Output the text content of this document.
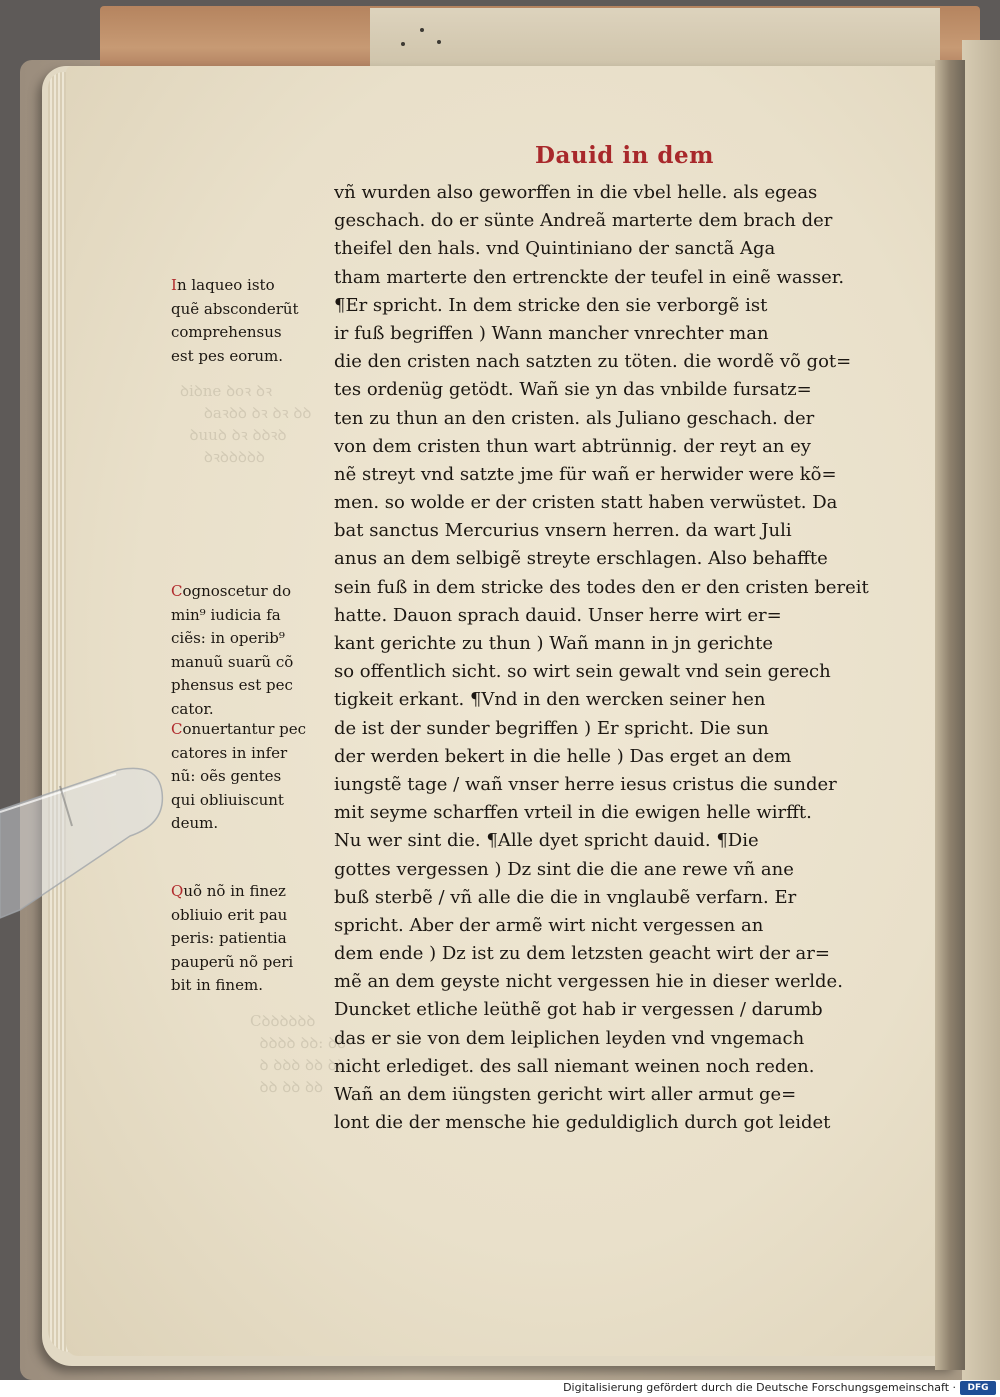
ꝺiꝺne ꝺoꝛ ꝺꝛ
ꝺaꝛꝺꝺ ꝺꝛ ꝺꝛ ꝺꝺ
ꝺuuꝺ ꝺꝛ ꝺꝺꝛꝺ
ꝺꝛꝺꝺꝺꝺꝺ
Cꝺꝺꝺꝺꝺꝺ
ꝺꝺꝺꝺ ꝺꝺ: ꝺꝺ
ꝺ ꝺꝺꝺ ꝺꝺ ꝺꝺ
ꝺꝺ ꝺꝺ ꝺꝺ
Dauid in dem
vñ wurden also geworffen in die vbel helle. als egeas
geschach. do er sünte Andreã marterte dem brach der
theifel den hals. vnd Quintiniano der sanctã Aga
tham marterte den ertrenckte der teufel in einẽ wasser.
¶Er spricht. In dem stricke den sie verborgẽ ist
ir fuß begriffen ) Wann mancher vnrechter man
die den cristen nach satzten zu töten. die wordẽ võ got=
tes ordenüg getödt. Wañ sie yn das vnbilde fursatz=
ten zu thun an den cristen. als Juliano geschach. der
von dem cristen thun wart abtrünnig. der reyt an ey
nẽ streyt vnd satzte jme für wañ er herwider were kõ=
men. so wolde er der cristen statt haben verwüstet. Da
bat sanctus Mercurius vnsern herren. da wart Juli
anus an dem selbigẽ streyte erschlagen. Also behaffte
sein fuß in dem stricke des todes den er den cristen bereit
hatte. Dauon sprach dauid. Unser herre wirt er=
kant gerichte zu thun ) Wañ mann in jn gerichte
so offentlich sicht. so wirt sein gewalt vnd sein gerech
tigkeit erkant. ¶Vnd in den wercken seiner hen
de ist der sunder begriffen ) Er spricht. Die sun
der werden bekert in die helle ) Das erget an dem
iungstẽ tage / wañ vnser herre iesus cristus die sunder
mit seyme scharffen vrteil in die ewigen helle wirfft.
Nu wer sint die. ¶Alle dyet spricht dauid. ¶Die
gottes vergessen ) Dz sint die die ane rewe vñ ane
buß sterbẽ / vñ alle die die in vnglaubẽ verfarn. Er
spricht. Aber der armẽ wirt nicht vergessen an
dem ende ) Dz ist zu dem letzsten geacht wirt der ar=
mẽ an dem geyste nicht vergessen hie in dieser werlde.
Duncket etliche leüthẽ got hab ir vergessen / darumb
das er sie von dem leiplichen leyden vnd vngemach
nicht erlediget. des sall niemant weinen noch reden.
Wañ an dem iüngsten gericht wirt aller armut ge=
lont die der mensche hie geduldiglich durch got leidet
In laqueo isto
quẽ absconderũt
comprehensus
est pes eorum.
Cognoscetur do
min⁹ iudicia fa
ciẽs: in operib⁹
manuũ suarũ cõ
phensus est pec
cator.
Conuertantur pec
catores in infer
nũ: oẽs gentes
qui obliuiscunt
deum.
Quõ nõ in finez
obliuio erit pau
peris: patientia
pauperũ nõ peri
bit in finem.
Digitalisierung gefördert durch die Deutsche Forschungsgemeinschaft ·	DFG
